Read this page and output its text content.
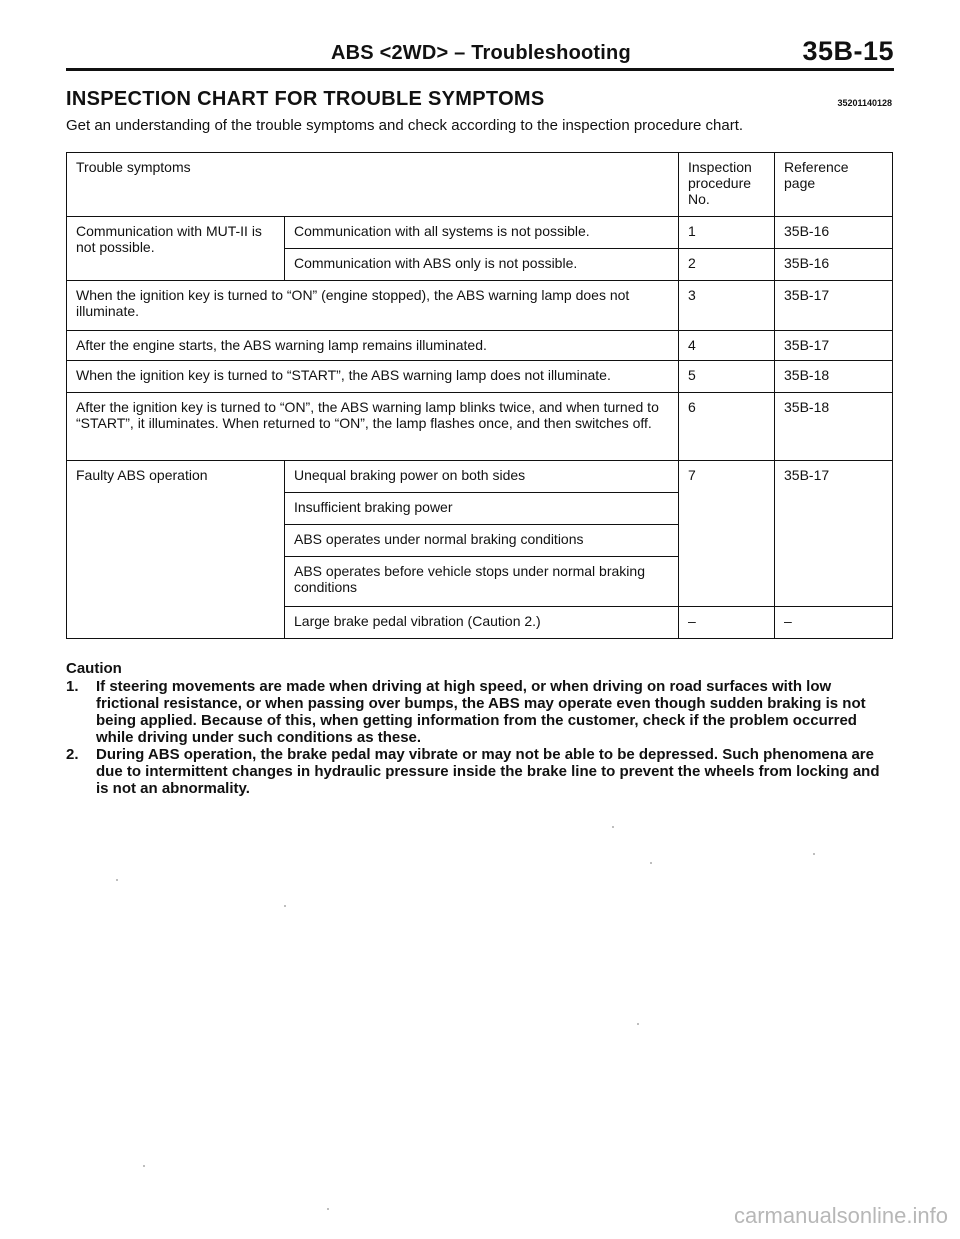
ABS <2WD> – Troubleshooting	35B-15
INSPECTION CHART FOR TROUBLE SYMPTOMS	35201140128
Get an understanding of the trouble symptoms and check according to the inspection procedure chart.
Trouble symptoms		Inspection procedure No.	Reference page
Communication with MUT-II is not possible.	Communication with all systems is not possible.	1	35B-16
	Communication with ABS only is not possible.	2	35B-16
When the ignition key is turned to “ON” (engine stopped), the ABS warning lamp does not illuminate.		3	35B-17
After the engine starts, the ABS warning lamp remains illuminated.		4	35B-17
When the ignition key is turned to “START”, the ABS warning lamp does not illuminate.		5	35B-18
After the ignition key is turned to “ON”, the ABS warning lamp blinks twice, and when turned to “START”, it illuminates. When returned to “ON”, the lamp flashes once, and then switches off.		6	35B-18
Faulty ABS operation	Unequal braking power on both sides	7	35B-17
	Insufficient braking power		
	ABS operates under normal braking conditions		
	ABS operates before vehicle stops under normal braking conditions		
	Large brake pedal vibration (Caution 2.)	–	–
Caution
1.	If steering movements are made when driving at high speed, or when driving on road surfaces with low frictional resistance, or when passing over bumps, the ABS may operate even though sudden braking is not being applied. Because of this, when getting information from the customer, check if the problem occurred while driving under such conditions as these.
2.	During ABS operation, the brake pedal may vibrate or may not be able to be depressed. Such phenomena are due to intermittent changes in hydraulic pressure inside the brake line to prevent the wheels from locking and is not an abnormality.
carmanualsonline.info
